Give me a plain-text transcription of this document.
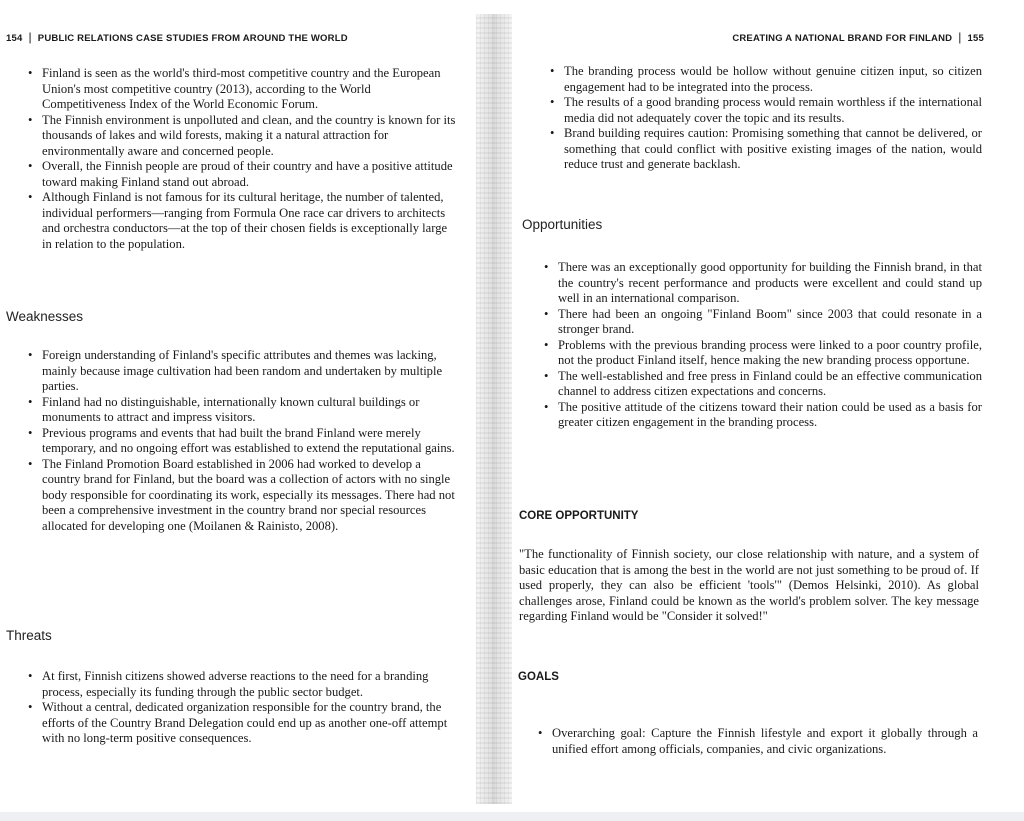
154 | PUBLIC RELATIONS CASE STUDIES FROM AROUND THE WORLD
• Finland is seen as the world's third-most competitive country and the European Union's most competitive country (2013), according to the World Competitiveness Index of the World Economic Forum.
• The Finnish environment is unpolluted and clean, and the country is known for its thousands of lakes and wild forests, making it a natural attraction for environmentally aware and concerned people.
• Overall, the Finnish people are proud of their country and have a positive attitude toward making Finland stand out abroad.
• Although Finland is not famous for its cultural heritage, the number of talented, individual performers—ranging from Formula One race car drivers to architects and orchestra conductors—at the top of their chosen fields is exceptionally large in relation to the population.
Weaknesses
• Foreign understanding of Finland's specific attributes and themes was lacking, mainly because image cultivation had been random and undertaken by multiple parties.
• Finland had no distinguishable, internationally known cultural buildings or monuments to attract and impress visitors.
• Previous programs and events that had built the brand Finland were merely temporary, and no ongoing effort was established to extend the reputational gains.
• The Finland Promotion Board established in 2006 had worked to develop a country brand for Finland, but the board was a collection of actors with no single body responsible for coordinating its work, especially its messages. There had not been a comprehensive investment in the country brand nor special resources allocated for developing one (Moilanen & Rainisto, 2008).
Threats
• At first, Finnish citizens showed adverse reactions to the need for a branding process, especially its funding through the public sector budget.
• Without a central, dedicated organization responsible for the country brand, the efforts of the Country Brand Delegation could end up as another one-off attempt with no long-term positive consequences.
CREATING A NATIONAL BRAND FOR FINLAND | 155
• The branding process would be hollow without genuine citizen input, so citizen engagement had to be integrated into the process.
• The results of a good branding process would remain worthless if the international media did not adequately cover the topic and its results.
• Brand building requires caution: Promising something that cannot be delivered, or something that could conflict with positive existing images of the nation, would reduce trust and generate backlash.
Opportunities
• There was an exceptionally good opportunity for building the Finnish brand, in that the country's recent performance and products were excellent and could stand up well in an international comparison.
• There had been an ongoing "Finland Boom" since 2003 that could resonate in a stronger brand.
• Problems with the previous branding process were linked to a poor country profile, not the product Finland itself, hence making the new branding process opportune.
• The well-established and free press in Finland could be an effective communication channel to address citizen expectations and concerns.
• The positive attitude of the citizens toward their nation could be used as a basis for greater citizen engagement in the branding process.
CORE OPPORTUNITY
"The functionality of Finnish society, our close relationship with nature, and a system of basic education that is among the best in the world are not just something to be proud of. If used properly, they can also be efficient 'tools'" (Demos Helsinki, 2010). As global challenges arose, Finland could be known as the world's problem solver. The key message regarding Finland would be "Consider it solved!"
GOALS
• Overarching goal: Capture the Finnish lifestyle and export it globally through a unified effort among officials, companies, and civic organizations.
